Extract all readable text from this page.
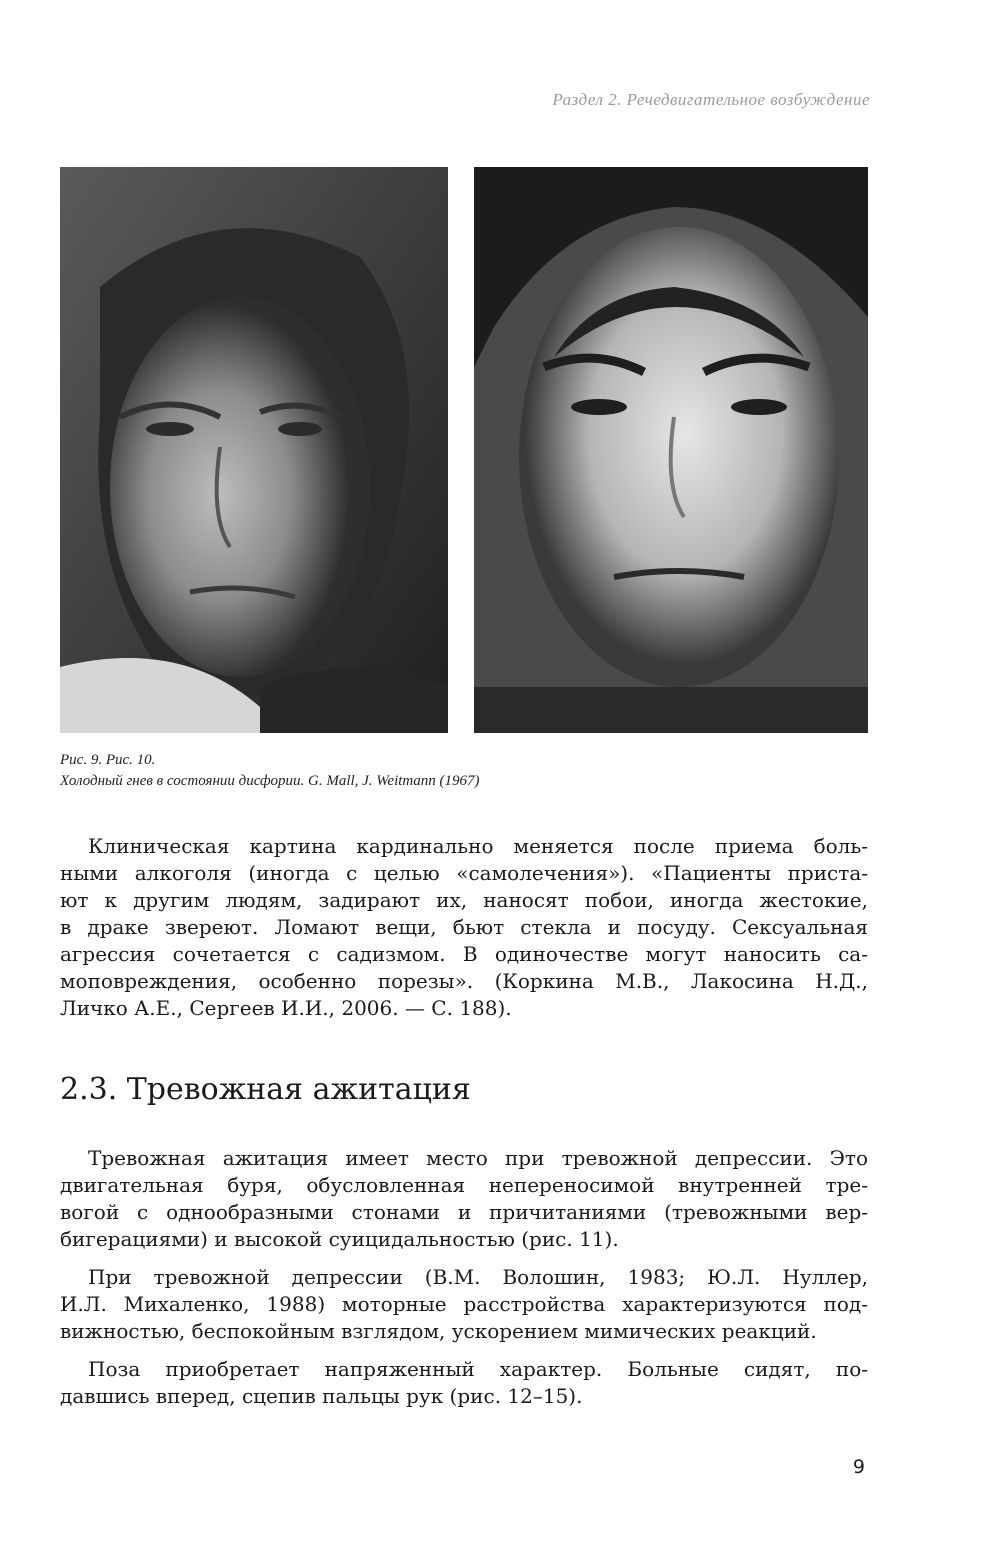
Раздел 2. Речедвигательное возбуждение
Рис. 9. Рис. 10.
Холодный гнев в состоянии дисфории. G. Mall, J. Weitmann (1967)
Клиническая картина кардинально меняется после приема боль-
ными алкоголя (иногда с целью «самолечения»). «Пациенты приста-
ют к другим людям, задирают их, наносят побои, иногда жестокие,
в драке звереют. Ломают вещи, бьют стекла и посуду. Сексуальная
агрессия сочетается с садизмом. В одиночестве могут наносить са-
моповреждения, особенно порезы». (Коркина М.В., Лакосина Н.Д.,
Личко А.Е., Сергеев И.И., 2006. — С. 188).
2.3. Тревожная ажитация
Тревожная ажитация имеет место при тревожной депрессии. Это
двигательная буря, обусловленная непереносимой внутренней тре-
вогой с однообразными стонами и причитаниями (тревожными вер-
бигерациями) и высокой суицидальностью (рис. 11).
При тревожной депрессии (В.М. Волошин, 1983; Ю.Л. Нуллер,
И.Л. Михаленко, 1988) моторные расстройства характеризуются под-
вижностью, беспокойным взглядом, ускорением мимических реакций.
Поза приобретает напряженный характер. Больные сидят, по-
давшись вперед, сцепив пальцы рук (рис. 12–15).
9
